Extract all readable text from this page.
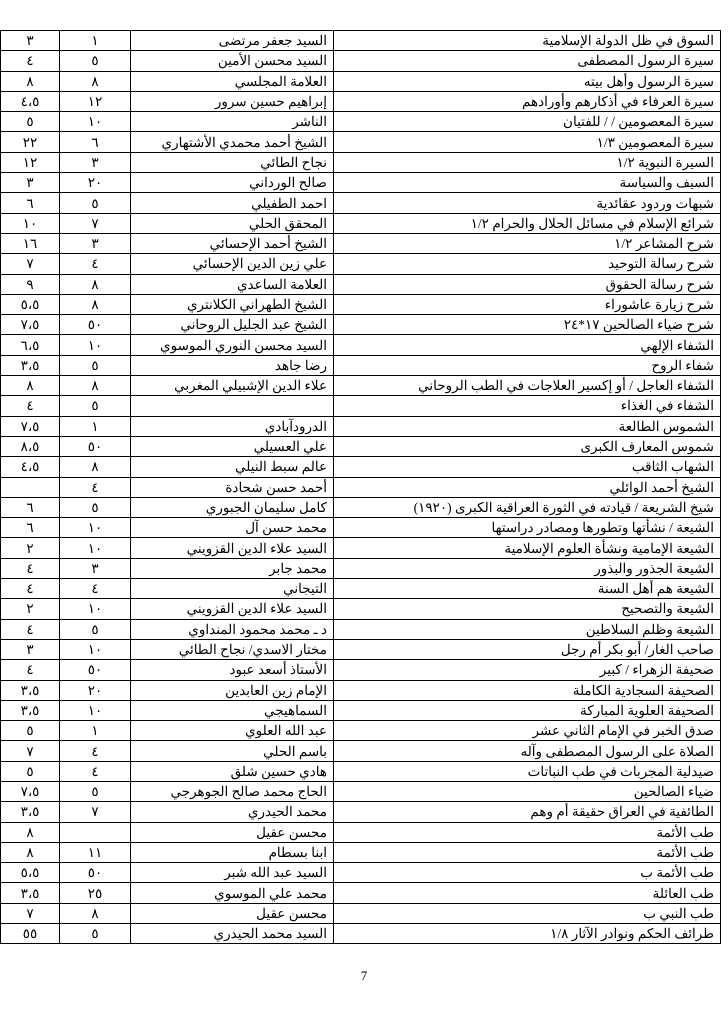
السوق في ظل الدولة الإسلامية	السيد جعفر مرتضى	١	٣
سيرة الرسول المصطفى	السيد محسن الأمين	٥	٤
سيرة الرسول وأهل بيته	العلامة المجلسي	٨	٨
سيرة العرفاء في أذكارهم وأورادهم	إبراهيم حسين سرور	١٢	٤،٥
سيرة المعصومين / / للفتيان	الناشر	١٠	٥
سيرة المعصومين ١/٣	الشيخ أحمد محمدي الأشتهاري	٦	٢٢
السيرة النبوية ١/٢	نجاح الطائي	٣	١٢
السيف والسياسة	صالح الورداني	٢٠	٣
شبهات وردود عقائدية	احمد الطفيلي	٥	٦
شرائع الإسلام في مسائل الحلال والحرام ١/٢	المحقق الحلي	٧	١٠
شرح المشاعر ١/٢	الشيخ أحمد الإحسائي	٣	١٦
شرح رسالة التوحيد	علي زين الدين الإحسائي	٤	٧
شرح رسالة الحقوق	العلامة الساعدي	٨	٩
شرح زيارة عاشوراء	الشيخ الطهراني الكلانتري	٨	٥،٥
شرح ضياء الصالحين ١٧*٢٤	الشيخ عبد الجليل الروحاني	٥٠	٧،٥
الشفاء الإلهي	السيد محسن النوري الموسوي	١٠	٦،٥
شفاء الروح	رضا جاهد	٥	٣،٥
الشفاء العاجل / أو إكسير العلاجات في الطب الروحاني	علاء الدين الإشبيلي المغربي	٨	٨
الشفاء في الغذاء		٥	٤
الشموس الطالعة	الدرودآبادي	١	٧،٥
شموس المعارف الكبرى	علي العسيلي	٥٠	٨،٥
الشهاب الثاقب	عالم سبط النيلي	٨	٤،٥
الشيخ أحمد الوائلي	أحمد حسن شحادة	٤	
شيخ الشريعة / قيادته في الثورة العراقية الكبرى (١٩٢٠)	كامل سليمان الجبوري	٥	٦
الشيعة / نشأتها وتطورها ومصادر دراستها	محمد حسن آل	١٠	٦
الشيعة الإمامية ونشأة العلوم الإسلامية	السيد علاء الدين القزويني	١٠	٢
الشيعة الجذور والبذور	محمد جابر	٣	٤
الشيعة هم أهل السنة	التيجاني	٤	٤
الشيعة والتصحيح	السيد علاء الدين القزويني	١٠	٢
الشيعة وظلم السلاطين	د ـ محمد محمود المنداوي	٥	٤
صاحب الغار/ أبو بكر أم رجل	مختار الاسدي/ نجاح الطائي	١٠	٣
صحيفة الزهراء / كبير	الأستاذ أسعد عبود	٥٠	٤
الصحيفة السجادية الكاملة	الإمام زين العابدين	٢٠	٣،٥
الصحيفة العلوية المباركة	السماهيجي	١٠	٣،٥
صدق الخبر في الإمام الثاني عشر	عبد الله العلوي	١	٥
الصلاة على الرسول المصطفى وآله	باسم الحلي	٤	٧
صيدلية المجربات في طب النباتات	هادي حسين شلق	٤	٥
ضياء الصالحين	الحاج محمد صالح الجوهرجي	٥	٧،٥
الطائفية في العراق حقيقة أم وهم	محمد الحيدري	٧	٣،٥
طب الأئمة	محسن عقيل		٨
طب الأئمة	ابنا بسطام	١١	٨
طب الأئمة ب	السيد عبد الله شبر	٥٠	٥،٥
طب العائلة	محمد علي الموسوي	٢٥	٣،٥
طب النبي ب	محسن عقيل	٨	٧
طرائف الحكم ونوادر الآثار ١/٨	السيد محمد الحيدري	٥	٥٥
7
